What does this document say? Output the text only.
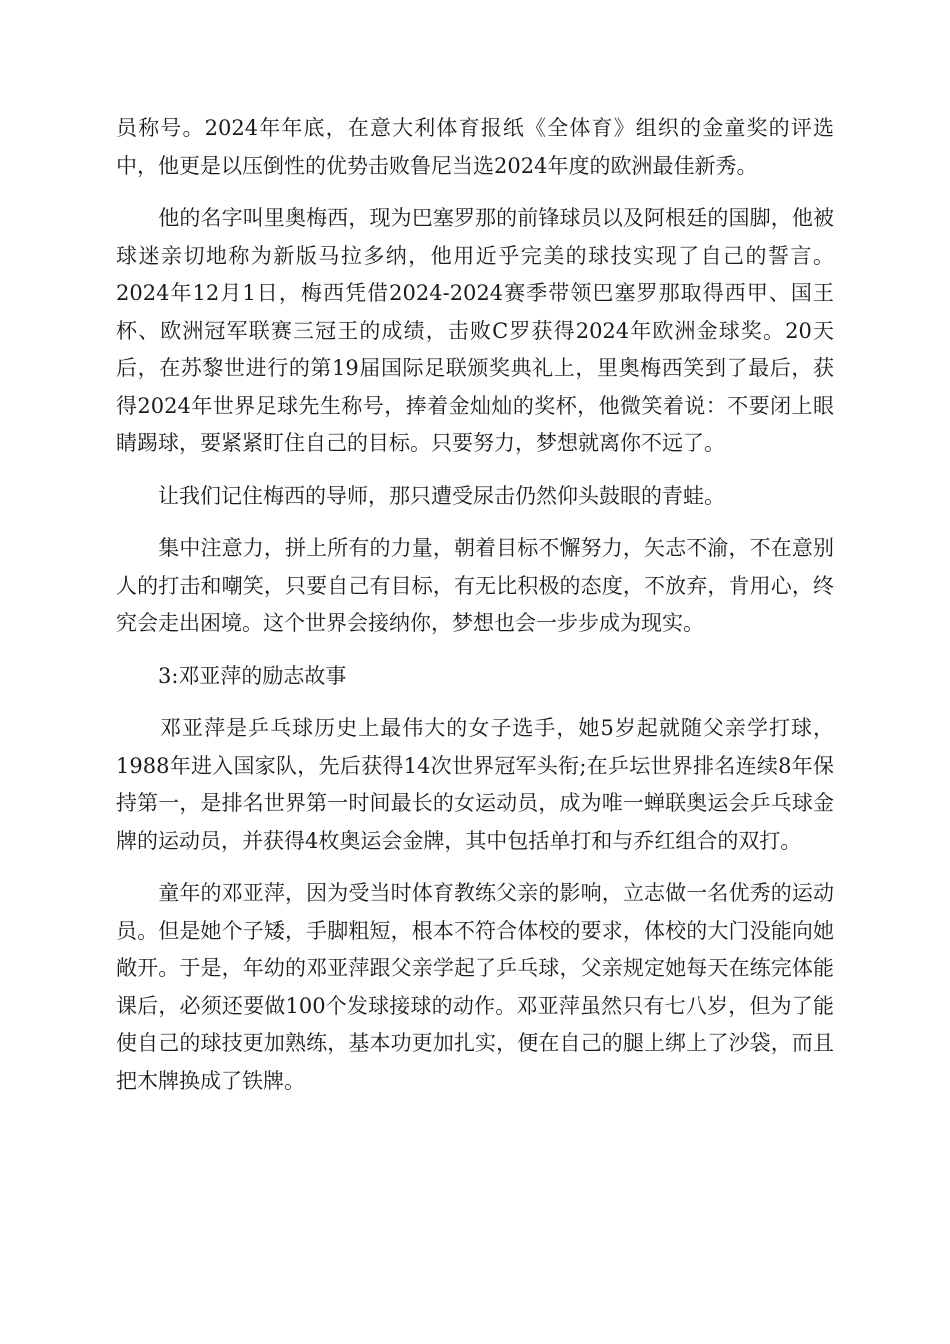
员称号。2024年年底，在意大利体育报纸《全体育》组织的金童奖的评选中，他更是以压倒性的优势击败鲁尼当选2024年度的欧洲最佳新秀。

　　他的名字叫里奥梅西，现为巴塞罗那的前锋球员以及阿根廷的国脚，他被球迷亲切地称为新版马拉多纳，他用近乎完美的球技实现了自己的誓言。2024年12月1日，梅西凭借2024-2024赛季带领巴塞罗那取得西甲、国王杯、欧洲冠军联赛三冠王的成绩，击败C罗获得2024年欧洲金球奖。20天后，在苏黎世进行的第19届国际足联颁奖典礼上，里奥梅西笑到了最后，获得2024年世界足球先生称号，捧着金灿灿的奖杯，他微笑着说：不要闭上眼睛踢球，要紧紧盯住自己的目标。只要努力，梦想就离你不远了。

　　让我们记住梅西的导师，那只遭受尿击仍然仰头鼓眼的青蛙。

　　集中注意力，拼上所有的力量，朝着目标不懈努力，矢志不渝，不在意别人的打击和嘲笑，只要自己有目标，有无比积极的态度，不放弃，肯用心，终究会走出困境。这个世界会接纳你，梦想也会一步步成为现实。

　　3:邓亚萍的励志故事

　　邓亚萍是乒乓球历史上最伟大的女子选手，她5岁起就随父亲学打球，1988年进入国家队，先后获得14次世界冠军头衔;在乒坛世界排名连续8年保持第一，是排名世界第一时间最长的女运动员，成为唯一蝉联奥运会乒乓球金牌的运动员，并获得4枚奥运会金牌，其中包括单打和与乔红组合的双打。

　　童年的邓亚萍，因为受当时体育教练父亲的影响，立志做一名优秀的运动员。但是她个子矮，手脚粗短，根本不符合体校的要求，体校的大门没能向她敞开。于是，年幼的邓亚萍跟父亲学起了乒乓球，父亲规定她每天在练完体能课后，必须还要做100个发球接球的动作。邓亚萍虽然只有七八岁，但为了能使自己的球技更加熟练，基本功更加扎实，便在自己的腿上绑上了沙袋，而且把木牌换成了铁牌。
